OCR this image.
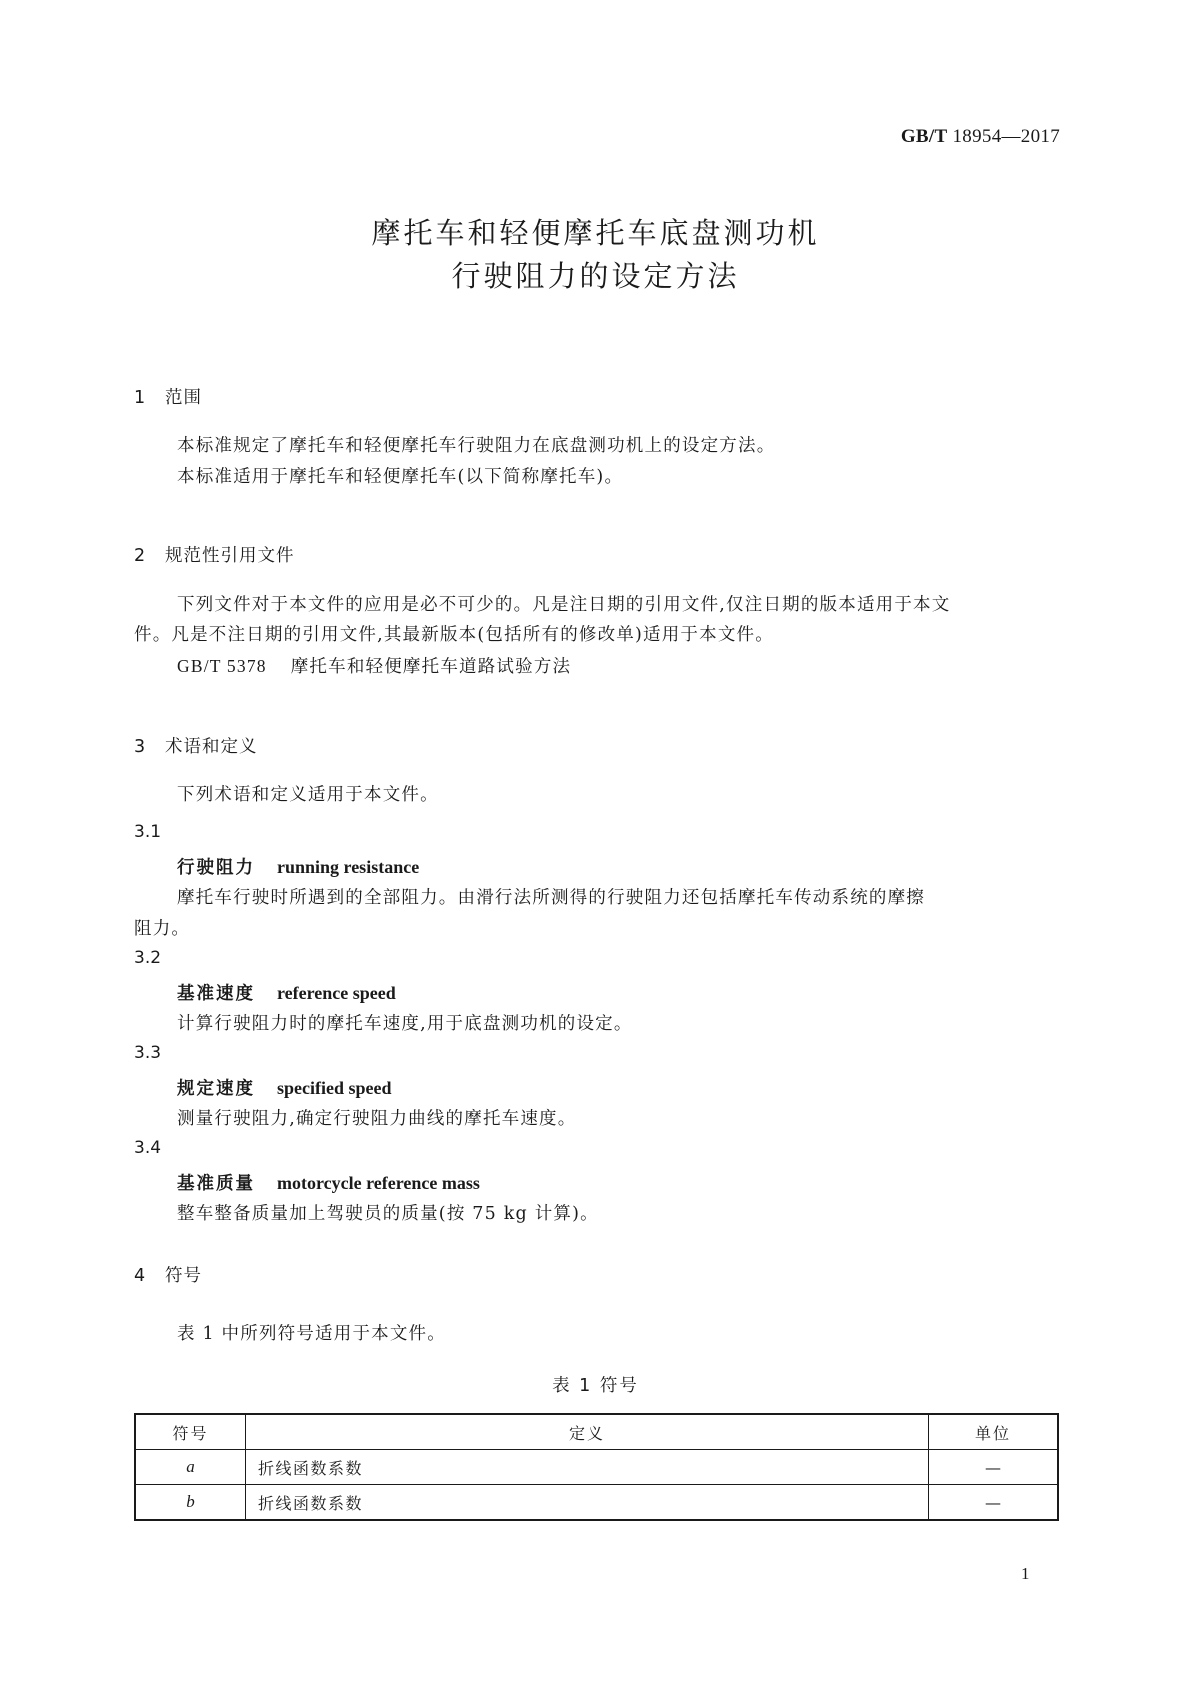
GB/T 18954—2017
摩托车和轻便摩托车底盘测功机
行驶阻力的设定方法
1 范围
本标准规定了摩托车和轻便摩托车行驶阻力在底盘测功机上的设定方法。
本标准适用于摩托车和轻便摩托车(以下简称摩托车)。
2 规范性引用文件
下列文件对于本文件的应用是必不可少的。凡是注日期的引用文件,仅注日期的版本适用于本文
件。凡是不注日期的引用文件,其最新版本(包括所有的修改单)适用于本文件。
GB/T 5378 摩托车和轻便摩托车道路试验方法
3 术语和定义
下列术语和定义适用于本文件。
3.1
行驶阻力 running resistance
摩托车行驶时所遇到的全部阻力。由滑行法所测得的行驶阻力还包括摩托车传动系统的摩擦
阻力。
3.2
基准速度 reference speed
计算行驶阻力时的摩托车速度,用于底盘测功机的设定。
3.3
规定速度 specified speed
测量行驶阻力,确定行驶阻力曲线的摩托车速度。
3.4
基准质量 motorcycle reference mass
整车整备质量加上驾驶员的质量(按 75 kg 计算)。
4 符号
表 1 中所列符号适用于本文件。
表 1 符号
符号	定义	单位
a	折线函数系数	—
b	折线函数系数	—
1
